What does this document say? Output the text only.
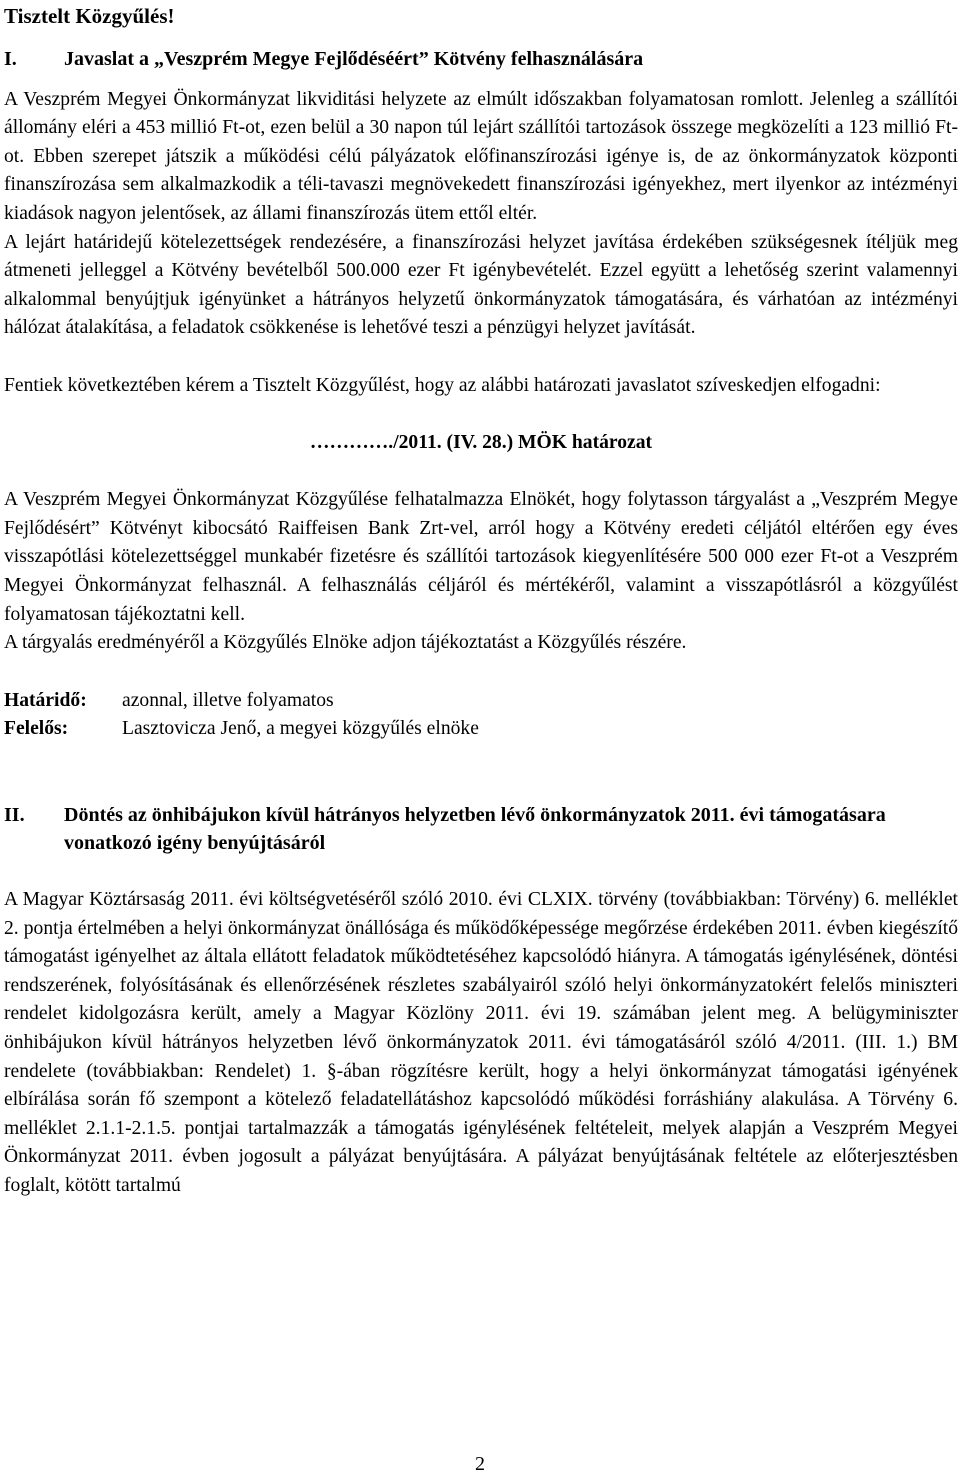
Tisztelt Közgyűlés!

I.	Javaslat a „Veszprém Megye Fejlődéséért” Kötvény felhasználására

A Veszprém Megyei Önkormányzat likviditási helyzete az elmúlt időszakban folyamatosan romlott. Jelenleg a szállítói állomány eléri a 453 millió Ft-ot, ezen belül a 30 napon túl lejárt szállítói tartozások összege megközelíti a 123 millió Ft-ot. Ebben szerepet játszik a működési célú pályázatok előfinanszírozási igénye is, de az önkormányzatok központi finanszírozása sem alkalmazkodik a téli-tavaszi megnövekedett finanszírozási igényekhez, mert ilyenkor az intézményi kiadások nagyon jelentősek, az állami finanszírozás ütem ettől eltér.

A lejárt határidejű kötelezettségek rendezésére, a finanszírozási helyzet javítása érdekében szükségesnek ítéljük meg átmeneti jelleggel a Kötvény bevételből 500.000 ezer Ft igénybevételét. Ezzel együtt a lehetőség szerint valamennyi alkalommal benyújtjuk igényünket a hátrányos helyzetű önkormányzatok támogatására, és várhatóan az intézményi hálózat átalakítása, a feladatok csökkenése is lehetővé teszi a pénzügyi helyzet javítását.

Fentiek következtében kérem a Tisztelt Közgyűlést, hogy az alábbi határozati javaslatot szíveskedjen elfogadni:

…………./2011. (IV. 28.) MÖK határozat

A Veszprém Megyei Önkormányzat Közgyűlése felhatalmazza Elnökét, hogy folytasson tárgyalást a „Veszprém Megye Fejlődésért” Kötvényt kibocsátó Raiffeisen Bank Zrt-vel, arról hogy a Kötvény eredeti céljától eltérően egy éves visszapótlási kötelezettséggel munkabér fizetésre és szállítói tartozások kiegyenlítésére 500 000 ezer Ft-ot a Veszprém Megyei Önkormányzat felhasznál. A felhasználás céljáról és mértékéről, valamint a visszapótlásról a közgyűlést folyamatosan tájékoztatni kell.

A tárgyalás eredményéről a Közgyűlés Elnöke adjon tájékoztatást a Közgyűlés részére.

Határidő:	azonnal, illetve folyamatos
Felelős:	Lasztovicza Jenő, a megyei közgyűlés elnöke
II.	Döntés az önhibájukon kívül hátrányos helyzetben lévő önkormányzatok 2011. évi támogatásara vonatkozó igény benyújtásáról

A Magyar Köztársaság 2011. évi költségvetéséről szóló 2010. évi CLXIX. törvény (továbbiakban: Törvény) 6. melléklet 2. pontja értelmében a helyi önkormányzat önállósága és működőképessége megőrzése érdekében 2011. évben kiegészítő támogatást igényelhet az általa ellátott feladatok működtetéséhez kapcsolódó hiányra. A támogatás igénylésének, döntési rendszerének, folyósításának és ellenőrzésének részletes szabályairól szóló helyi önkormányzatokért felelős miniszteri rendelet kidolgozásra került, amely a Magyar Közlöny 2011. évi 19. számában jelent meg. A belügyminiszter önhibájukon kívül hátrányos helyzetben lévő önkormányzatok 2011. évi támogatásáról szóló 4/2011. (III. 1.) BM rendelete (továbbiakban: Rendelet) 1. §-ában rögzítésre került, hogy a helyi önkormányzat támogatási igényének elbírálása során fő szempont a kötelező feladatellátáshoz kapcsolódó működési forráshiány alakulása. A Törvény 6. melléklet 2.1.1-2.1.5. pontjai tartalmazzák a támogatás igénylésének feltételeit, melyek alapján a Veszprém Megyei Önkormányzat 2011. évben jogosult a pályázat benyújtására. A pályázat benyújtásának feltétele az előterjesztésben foglalt, kötött tartalmú

2
